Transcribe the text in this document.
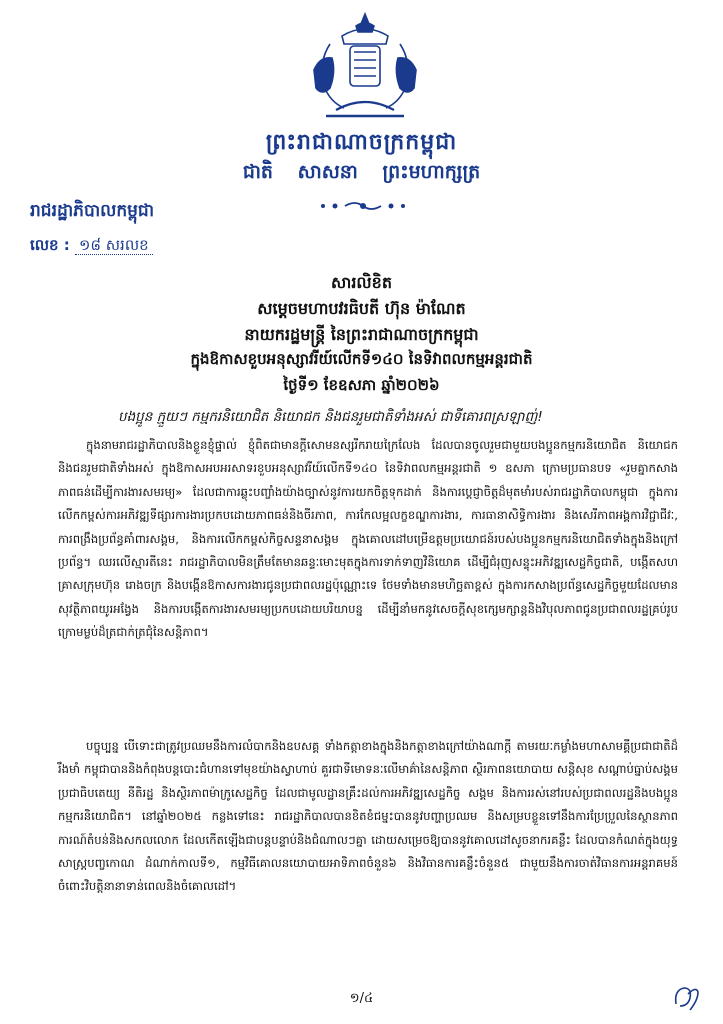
ព្រះរាជាណាចក្រកម្ពុជា
ជាតិ សាសនា ព្រះមហាក្សត្រ
រាជរដ្ឋាភិបាលកម្ពុជា
លេខ : ១៨ សរលខ
សារលិខិត
សម្តេចមហាបវរធិបតី ហ៊ុន ម៉ាណែត
នាយករដ្ឋមន្ត្រី នៃព្រះរាជាណាចក្រកម្ពុជា
ក្នុងឱកាសខួបអនុស្សាវរីយ៍លើកទី១៤០ នៃទិវាពលកម្មអន្តរជាតិ
ថ្ងៃទី១ ខែឧសភា ឆ្នាំ២០២៦
បងប្អូន ក្មួយៗ កម្មករនិយោជិត និយោជក និងជនរួមជាតិទាំងអស់ ជាទីគោរពស្រឡាញ់!
ក្នុងនាមរាជរដ្ឋាភិបាលនិងខ្លួនខ្ញុំផ្ទាល់ ខ្ញុំពិតជាមានក្តីសោមនស្សរីករាយក្រៃលែង ដែលបានចូលរួមជាមួយបងប្អូនកម្មករនិយោជិត និយោជក និងជនរួមជាតិទាំងអស់ ក្នុងឱកាសអបអរសាទរខួបអនុស្សាវរីយ៍លើកទី១៤០ នៃទិវាពលកម្មអន្តរជាតិ ១ ឧសភា ក្រោមប្រធានបទ «រួមគ្នាកសាងភាពធន់ដើម្បីការងារសមរម្យ» ដែលជាការឆ្លុះបញ្ចាំងយ៉ាងច្បាស់នូវការយកចិត្តទុកដាក់ និងការប្តេជ្ញាចិត្តដ៏មុតមាំរបស់រាជរដ្ឋាភិបាលកម្ពុជា ក្នុងការលើកកម្ពស់ការអភិវឌ្ឍទីផ្សារការងារប្រកបដោយភាពធន់និងចីរភាព, ការកែលម្អលក្ខខណ្ឌការងារ, ការធានាសិទ្ធិការងារ និងសេរីភាពអង្គការវិជ្ជាជីវៈ, ការពង្រឹងប្រព័ន្ធគាំពារសង្គម, និងការលើកកម្ពស់កិច្ចសន្ទនាសង្គម ក្នុងគោលដៅបម្រើឧត្តមប្រយោជន៍របស់បងប្អូនកម្មករនិយោជិតទាំងក្នុងនិងក្រៅប្រព័ន្ធ។ ឈរលើស្មារតីនេះ រាជរដ្ឋាភិបាលមិនត្រឹមតែមានឆន្ទៈមោះមុតក្នុងការទាក់ទាញវិនិយោគ ដើម្បីជំរុញសន្ទុះអភិវឌ្ឍសេដ្ឋកិច្ចជាតិ, បង្កើតសហគ្រាសក្រុមហ៊ុន រោងចក្រ និងបង្កើនឱកាសការងារជូនប្រជាពលរដ្ឋប៉ុណ្ណោះទេ ថែមទាំងមានមហិច្ឆតាខ្ពស់ ក្នុងការកសាងប្រព័ន្ធសេដ្ឋកិច្ចមួយដែលមានសុវត្ថិភាពយូរអង្វែង និងការបង្កើតការងារសមរម្យប្រកបដោយបរិយាបន្ន ដើម្បីនាំមកនូវសេចក្តីសុខក្សេមក្សាន្តនិងវិបុលភាពជូនប្រជាពលរដ្ឋគ្រប់រូប ក្រោមម្លប់ដ៏ត្រជាក់ត្រជុំនៃសន្តិភាព។
បច្ចុប្បន្ន បើទោះជាត្រូវប្រឈមនឹងការលំបាកនិងឧបសគ្គ ទាំងកត្តាខាងក្នុងនិងកត្តាខាងក្រៅយ៉ាងណាក្តី តាមរយៈកម្លាំងមហាសាមគ្គីប្រជាជាតិដ៏រឹងមាំ កម្ពុជាបាននិងកំពុងបន្តបោះជំហានទៅមុខយ៉ាងស្វាហាប់ គួរជាទីមោទនៈលើមាគ៌ានៃសន្តិភាព ស្ថិរភាពនយោបាយ សន្តិសុខ សណ្តាប់ធ្នាប់សង្គម ប្រជាធិបតេយ្យ នីតិរដ្ឋ និងស្ថិរភាពម៉ាក្រូសេដ្ឋកិច្ច ដែលជាមូលដ្ឋានគ្រឹះដល់ការអភិវឌ្ឍសេដ្ឋកិច្ច សង្គម និងការរស់នៅរបស់ប្រជាពលរដ្ឋនិងបងប្អូនកម្មករនិយោជិត។ នៅឆ្នាំ២០២៥ កន្លងទៅនេះ រាជរដ្ឋាភិបាលបានខិតខំជម្នះបាននូវបញ្ហាប្រឈម និងសម្របខ្លួនទៅនឹងការប្រែប្រួលនៃស្ថានភាពការណ៍តំបន់និងសកលលោក ដែលកើតឡើងជាបន្តបន្ទាប់និងជំណាលៗគ្នា ដោយសម្រេចឱ្យបាននូវគោលដៅសូចនាករគន្លឹះ ដែលបានកំណត់ក្នុងយុទ្ធសាស្ត្របញ្ចកោណ ដំណាក់កាលទី១, កម្មវិធីគោលនយោបាយអាទិភាពចំនួន៦ និងវិធានការគន្លឹះចំនួន៥ ជាមួយនឹងការចាត់វិធានការអន្តរាគមន៍ចំពោះវិបត្តិនានាទាន់ពេលនិងចំគោលដៅ។
១/៤
